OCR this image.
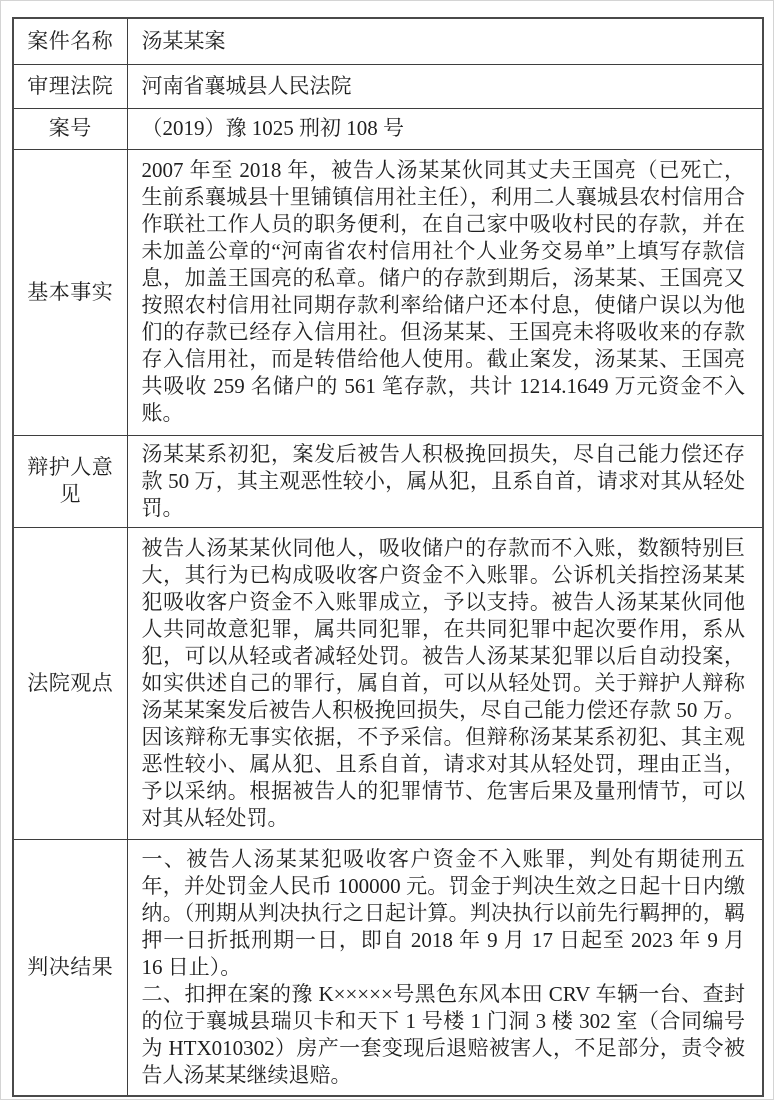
案件名称	汤某某案
审理法院	河南省襄城县人民法院
案号	（2019）豫 1025 刑初 108 号
基本事实	2007 年至 2018 年，被告人汤某某伙同其丈夫王国亮（已死亡，生前系襄城县十里铺镇信用社主任），利用二人襄城县农村信用合作联社工作人员的职务便利，在自己家中吸收村民的存款，并在未加盖公章的“河南省农村信用社个人业务交易单”上填写存款信息，加盖王国亮的私章。储户的存款到期后，汤某某、王国亮又按照农村信用社同期存款利率给储户还本付息，使储户误以为他们的存款已经存入信用社。但汤某某、王国亮未将吸收来的存款存入信用社，而是转借给他人使用。截止案发，汤某某、王国亮共吸收 259 名储户的 561 笔存款，共计 1214.1649 万元资金不入账。
辩护人意见	汤某某系初犯，案发后被告人积极挽回损失，尽自己能力偿还存款 50 万，其主观恶性较小，属从犯，且系自首，请求对其从轻处罚。
法院观点	被告人汤某某伙同他人，吸收储户的存款而不入账，数额特别巨大，其行为已构成吸收客户资金不入账罪。公诉机关指控汤某某犯吸收客户资金不入账罪成立，予以支持。被告人汤某某伙同他人共同故意犯罪，属共同犯罪，在共同犯罪中起次要作用，系从犯，可以从轻或者减轻处罚。被告人汤某某犯罪以后自动投案，如实供述自己的罪行，属自首，可以从轻处罚。关于辩护人辩称汤某某案发后被告人积极挽回损失，尽自己能力偿还存款 50 万。因该辩称无事实依据，不予采信。但辩称汤某某系初犯、其主观恶性较小、属从犯、且系自首，请求对其从轻处罚，理由正当，予以采纳。根据被告人的犯罪情节、危害后果及量刑情节，可以对其从轻处罚。
判决结果	一、被告人汤某某犯吸收客户资金不入账罪，判处有期徒刑五年，并处罚金人民币 100000 元。罚金于判决生效之日起十日内缴纳。（刑期从判决执行之日起计算。判决执行以前先行羁押的，羁押一日折抵刑期一日，即自 2018 年 9 月 17 日起至 2023 年 9 月 16 日止）。

二、扣押在案的豫 K×××××号黑色东风本田 CRV 车辆一台、查封的位于襄城县瑞贝卡和天下 1 号楼 1 门洞 3 楼 302 室（合同编号为 HTX010302）房产一套变现后退赔被害人，不足部分，责令被告人汤某某继续退赔。
